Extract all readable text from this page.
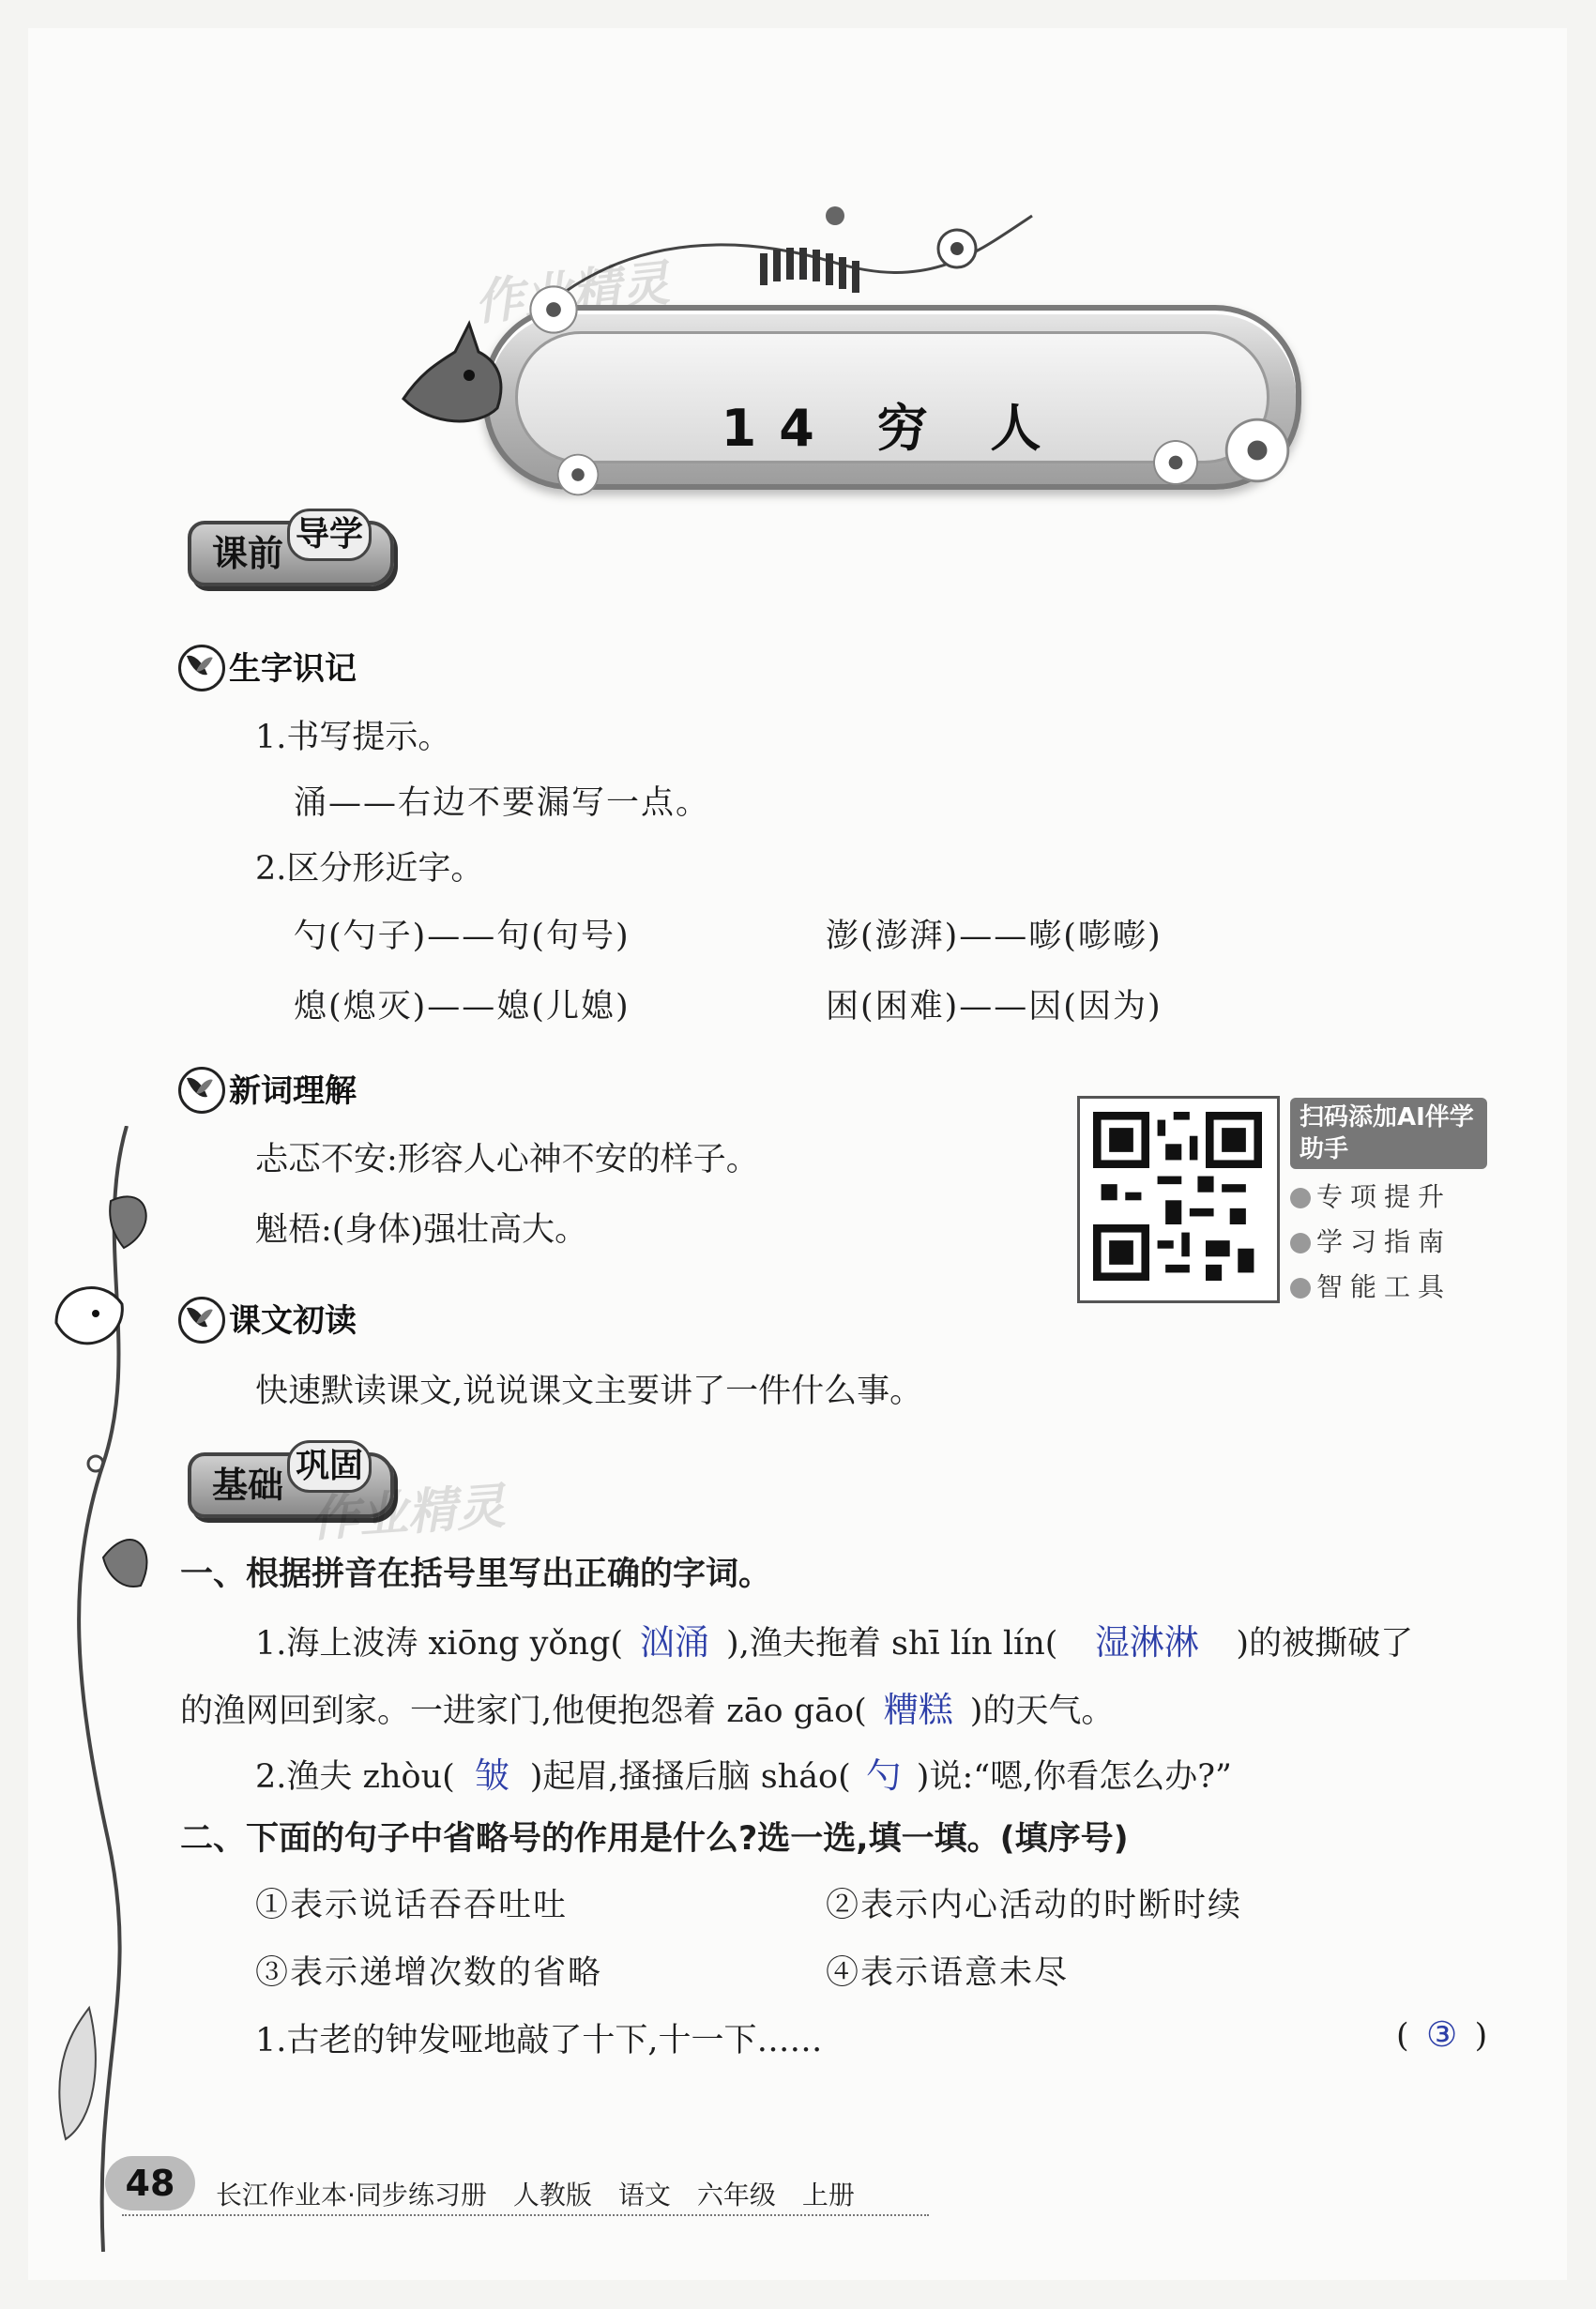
14 穷 人
课前 导学
生字识记
1.书写提示。
涌——右边不要漏写一点。
2.区分形近字。
勺(勺子)——句(句号)	澎(澎湃)——嘭(嘭嘭)
熄(熄灭)——媳(儿媳)	困(困难)——因(因为)
新词理解
忐忑不安:形容人心神不安的样子。
魁梧:(身体)强壮高大。
扫码添加AI伴学助手
专项提升
学习指南
智能工具
课文初读
快速默读课文,说说课文主要讲了一件什么事。
基础 巩固
作业精灵
一、根据拼音在括号里写出正确的字词。
1.海上波涛 xiōng yǒng( 汹涌 ),渔夫拖着 shī lín lín( 湿淋淋 )的被撕破了
的渔网回到家。一进家门,他便抱怨着 zāo gāo( 糟糕 )的天气。
2.渔夫 zhòu( 皱 )起眉,搔搔后脑 sháo( 勺 )说:“嗯,你看怎么办?”
二、下面的句子中省略号的作用是什么?选一选,填一填。(填序号)
①表示说话吞吞吐吐	②表示内心活动的时断时续
③表示递增次数的省略	④表示语意未尽
1.古老的钟发哑地敲了十下,十一下……	( ③ )
48	长江作业本·同步练习册　人教版　语文　六年级　上册
